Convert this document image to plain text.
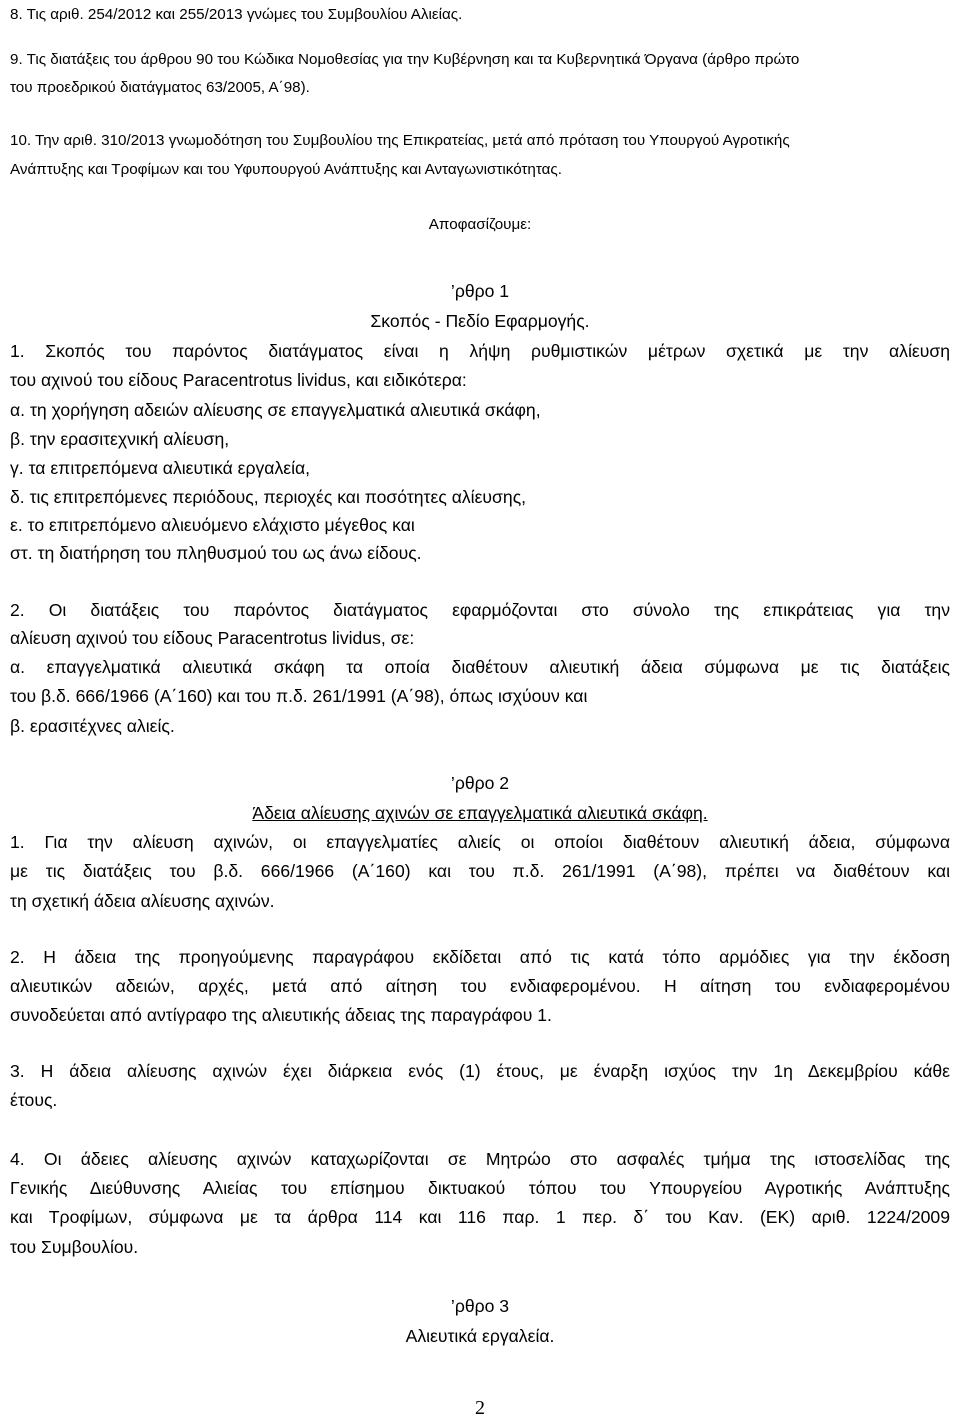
8. Τις αριθ. 254/2012 και 255/2013 γνώμες του Συμβουλίου Αλιείας.
9. Τις διατάξεις του άρθρου 90 του Κώδικα Νομοθεσίας για την Κυβέρνηση και τα Κυβερνητικά Όργανα (άρθρο πρώτο
του προεδρικού διατάγματος 63/2005, Α΄98).
10. Την αριθ. 310/2013 γνωμοδότηση του Συμβουλίου της Επικρατείας, μετά από πρόταση του Υπουργού Αγροτικής
Ανάπτυξης και Τροφίμων και του Υφυπουργού Ανάπτυξης και Ανταγωνιστικότητας.
Αποφασίζουμε:
’ρθρο 1
Σκοπός - Πεδίο Εφαρμογής.
1. Σκοπός του παρόντος διατάγματος είναι η λήψη ρυθμιστικών μέτρων σχετικά με την αλίευση
του αχινού του είδους Paracentrotus lividus, και ειδικότερα:
α. τη χορήγηση αδειών αλίευσης σε επαγγελματικά αλιευτικά σκάφη,
β. την ερασιτεχνική αλίευση,
γ. τα επιτρεπόμενα αλιευτικά εργαλεία,
δ. τις επιτρεπόμενες περιόδους, περιοχές και ποσότητες αλίευσης,
ε. το επιτρεπόμενο αλιευόμενο ελάχιστο μέγεθος και
στ. τη διατήρηση του πληθυσμού του ως άνω είδους.
2. Οι διατάξεις του παρόντος διατάγματος εφαρμόζονται στο σύνολο της επικράτειας για την
αλίευση αχινού του είδους Paracentrotus lividus, σε:
α. επαγγελματικά αλιευτικά σκάφη τα οποία διαθέτουν αλιευτική άδεια σύμφωνα με τις διατάξεις
του β.δ. 666/1966 (Α΄160) και του π.δ. 261/1991 (Α΄98), όπως ισχύουν και
β. ερασιτέχνες αλιείς.
’ρθρο 2
Άδεια αλίευσης αχινών σε επαγγελματικά αλιευτικά σκάφη.
1. Για την αλίευση αχινών, οι επαγγελματίες αλιείς οι οποίοι διαθέτουν αλιευτική άδεια, σύμφωνα
με τις διατάξεις του β.δ. 666/1966 (Α΄160) και του π.δ. 261/1991 (Α΄98), πρέπει να διαθέτουν και
τη σχετική άδεια αλίευσης αχινών.
2. Η άδεια της προηγούμενης παραγράφου εκδίδεται από τις κατά τόπο αρμόδιες για την έκδοση
αλιευτικών αδειών, αρχές, μετά από αίτηση του ενδιαφερομένου. Η αίτηση του ενδιαφερομένου
συνοδεύεται από αντίγραφο της αλιευτικής άδειας της παραγράφου 1.
3. Η άδεια αλίευσης αχινών έχει διάρκεια ενός (1) έτους, με έναρξη ισχύος την 1η Δεκεμβρίου κάθε
έτους.
4. Οι άδειες αλίευσης αχινών καταχωρίζονται σε Μητρώο στο ασφαλές τμήμα της ιστοσελίδας της
Γενικής Διεύθυνσης Αλιείας του επίσημου δικτυακού τόπου του Υπουργείου Αγροτικής Ανάπτυξης
και Τροφίμων, σύμφωνα με τα άρθρα 114 και 116 παρ. 1 περ. δ΄ του Καν. (ΕΚ) αριθ. 1224/2009
του Συμβουλίου.
’ρθρο 3
Αλιευτικά εργαλεία.
2
